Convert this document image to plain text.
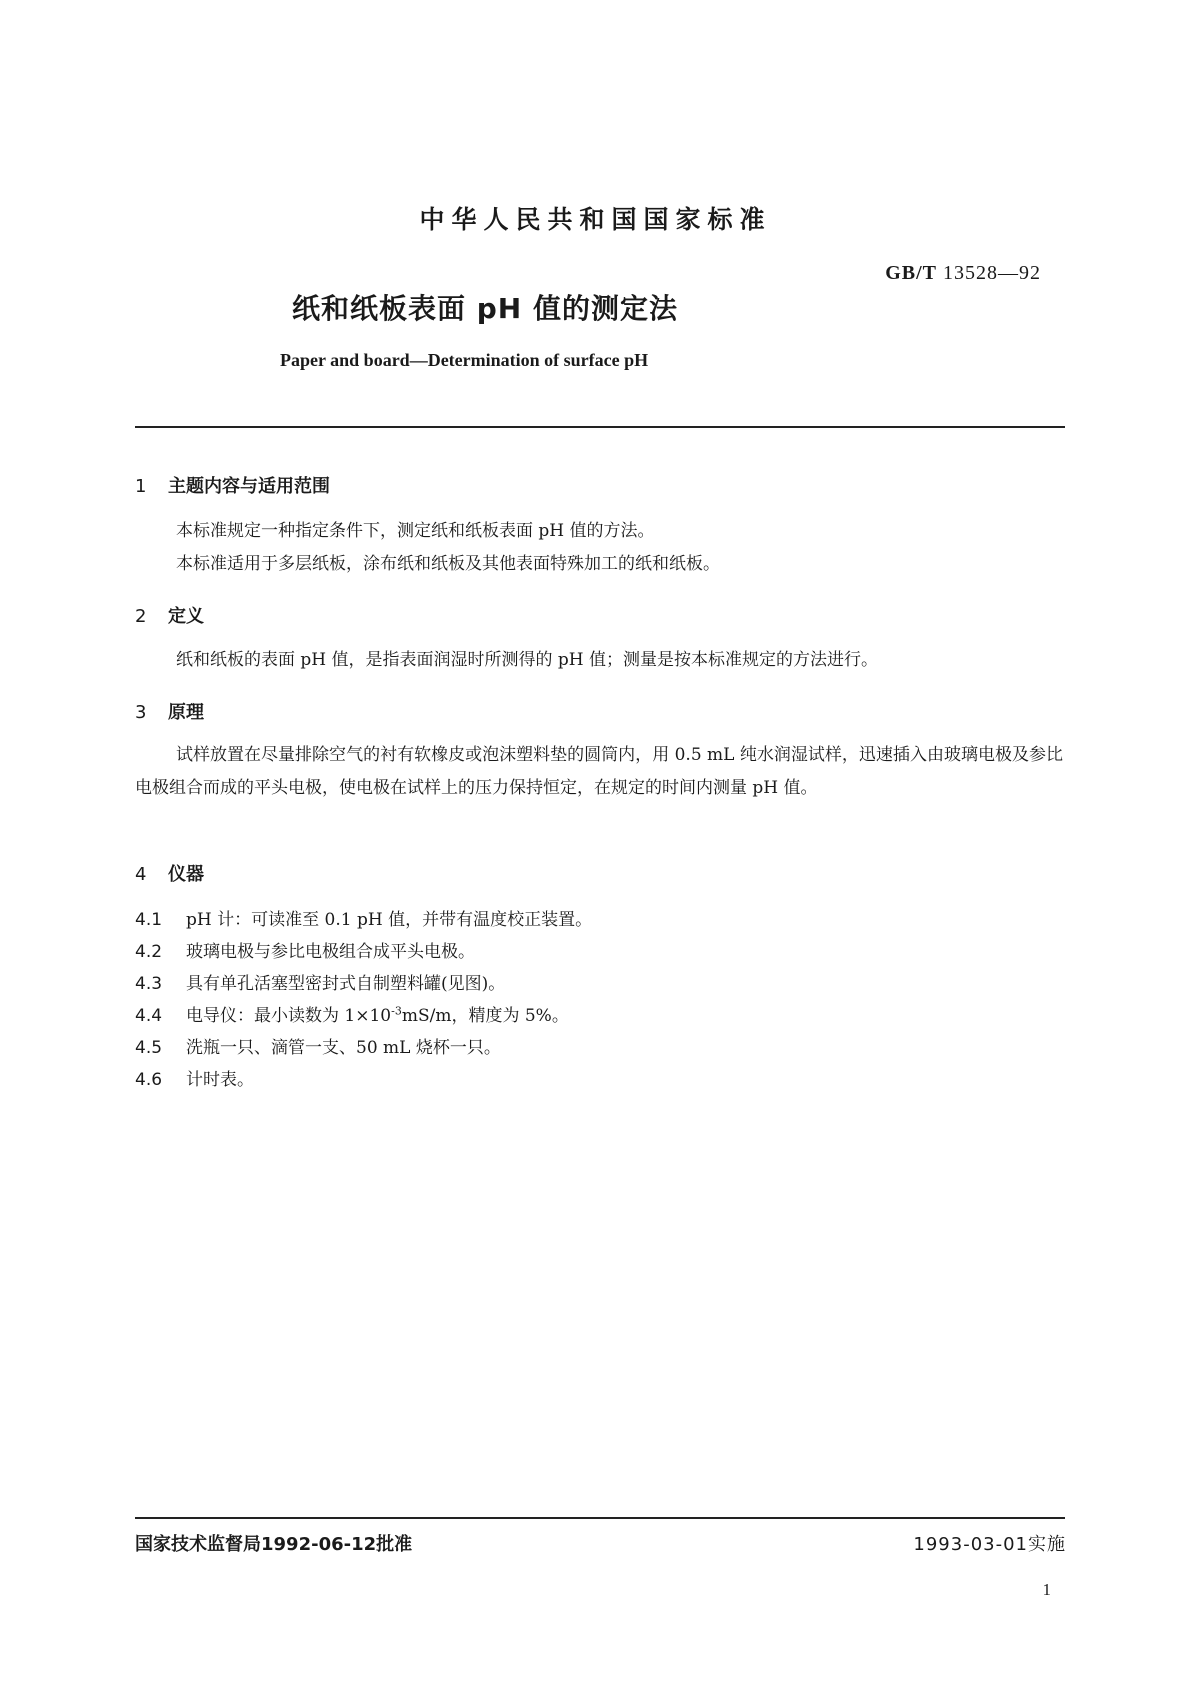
中华人民共和国国家标准
GB/T 13528—92
纸和纸板表面 pH 值的测定法
Paper and board—Determination of surface pH
1 主题内容与适用范围
本标准规定一种指定条件下，测定纸和纸板表面 pH 值的方法。
本标准适用于多层纸板，涂布纸和纸板及其他表面特殊加工的纸和纸板。
2 定义
纸和纸板的表面 pH 值，是指表面润湿时所测得的 pH 值；测量是按本标准规定的方法进行。
3 原理
试样放置在尽量排除空气的衬有软橡皮或泡沫塑料垫的圆筒内，用 0.5 mL 纯水润湿试样，迅速插入由玻璃电极及参比电极组合而成的平头电极，使电极在试样上的压力保持恒定，在规定的时间内测量 pH 值。
4 仪器
4.1 pH 计：可读准至 0.1 pH 值，并带有温度校正装置。
4.2 玻璃电极与参比电极组合成平头电极。
4.3 具有单孔活塞型密封式自制塑料罐(见图)。
4.4 电导仪：最小读数为 $1\times 10^{-3}mS/m$，精度为 5%。
4.5 洗瓶一只、滴管一支、50 mL 烧杯一只。
4.6 计时表。
国家技术监督局1992-06-12批准	1993-03-01实施
1
